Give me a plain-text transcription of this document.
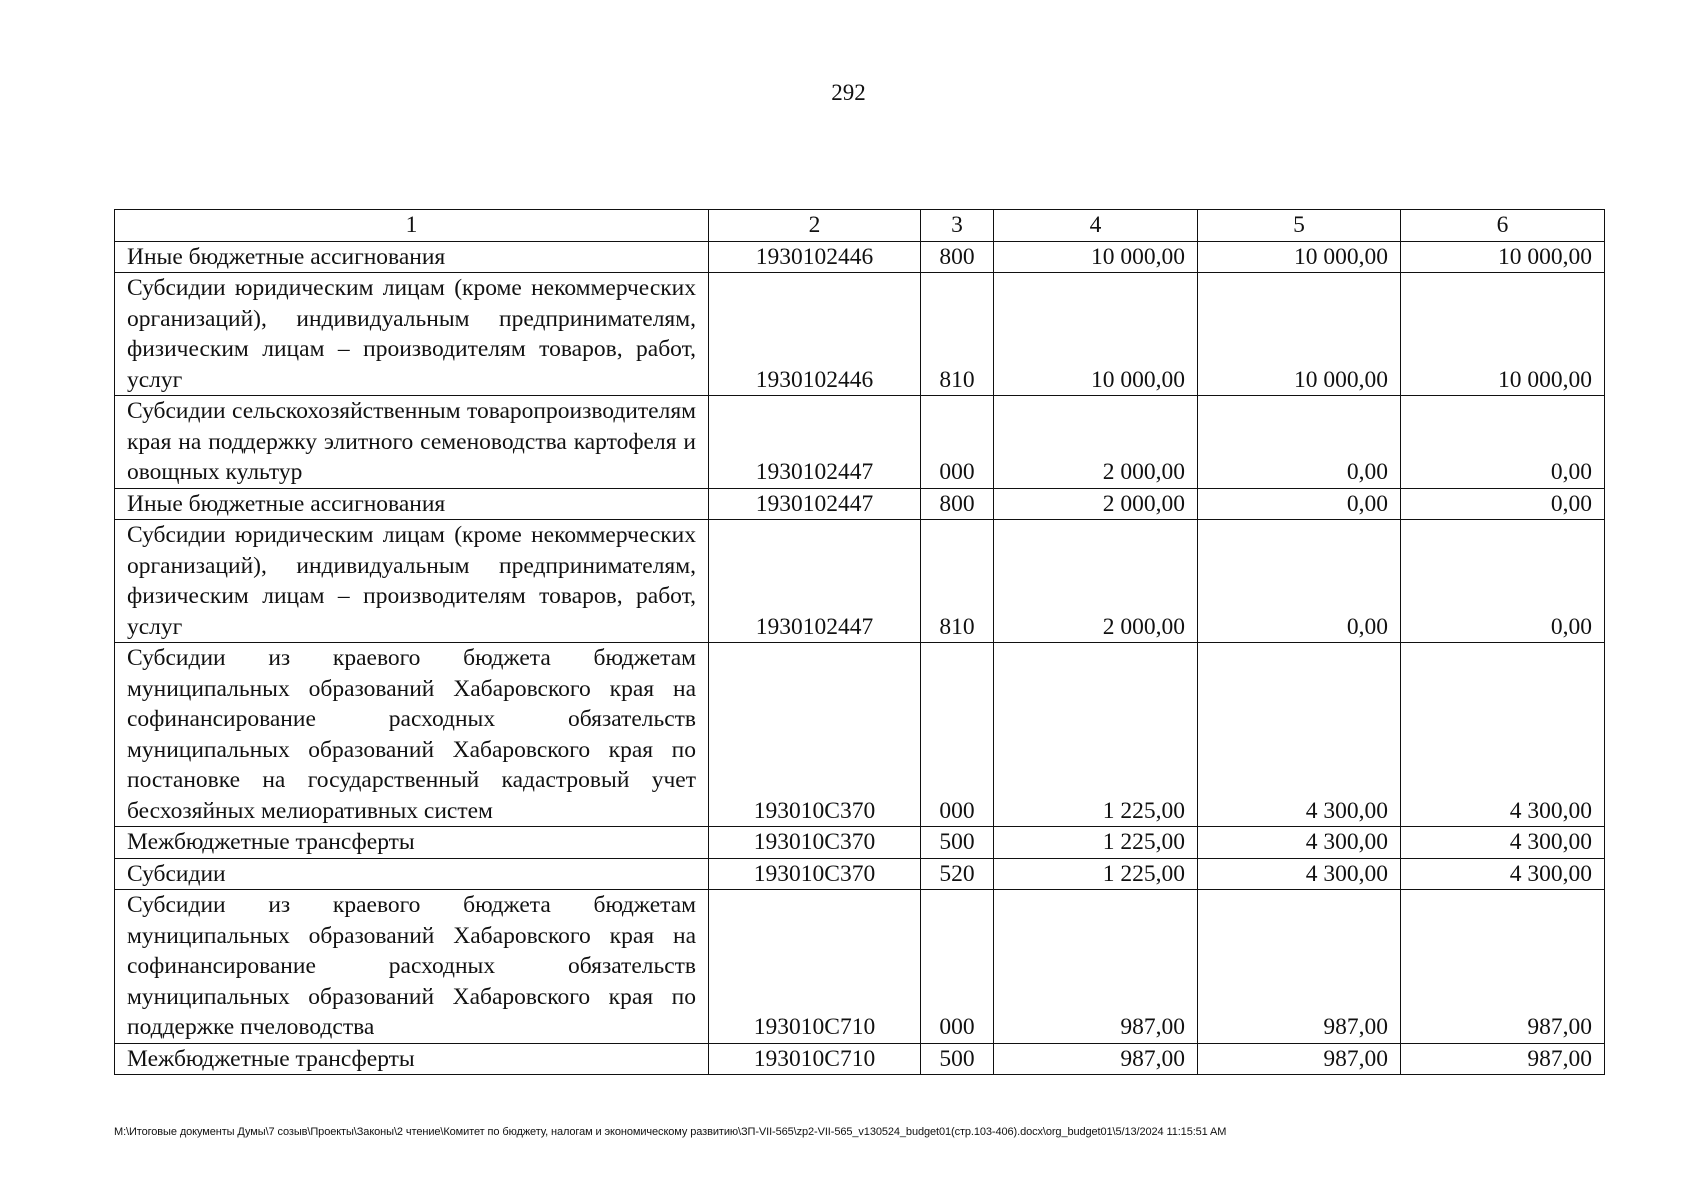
292
1	2	3	4	5	6
Иные бюджетные ассигнования	1930102446	800	10 000,00	10 000,00	10 000,00
Субсидии юридическим лицам (кроме некоммерческих организаций), индивидуальным предпринимателям, физическим лицам – производителям товаров, работ, услуг	1930102446	810	10 000,00	10 000,00	10 000,00
Субсидии сельскохозяйственным товаропроизводителям края на поддержку элитного семеноводства картофеля и овощных культур	1930102447	000	2 000,00	0,00	0,00
Иные бюджетные ассигнования	1930102447	800	2 000,00	0,00	0,00
Субсидии юридическим лицам (кроме некоммерческих организаций), индивидуальным предпринимателям, физическим лицам – производителям товаров, работ, услуг	1930102447	810	2 000,00	0,00	0,00
Субсидии из краевого бюджета бюджетам муниципальных образований Хабаровского края на софинансирование расходных обязательств муниципальных образований Хабаровского края по постановке на государственный кадастровый учет бесхозяйных мелиоративных систем	193010C370	000	1 225,00	4 300,00	4 300,00
Межбюджетные трансферты	193010C370	500	1 225,00	4 300,00	4 300,00
Субсидии	193010C370	520	1 225,00	4 300,00	4 300,00
Субсидии из краевого бюджета бюджетам муниципальных образований Хабаровского края на софинансирование расходных обязательств муниципальных образований Хабаровского края по поддержке пчеловодства	193010C710	000	987,00	987,00	987,00
Межбюджетные трансферты	193010C710	500	987,00	987,00	987,00
M:\Итоговые документы Думы\7 созыв\Проекты\Законы\2 чтение\Комитет по бюджету, налогам и экономическому развитию\ЗП-VII-565\zp2-VII-565_v130524_budget01(стр.103-406).docx\org_budget01\5/13/2024 11:15:51 AM
